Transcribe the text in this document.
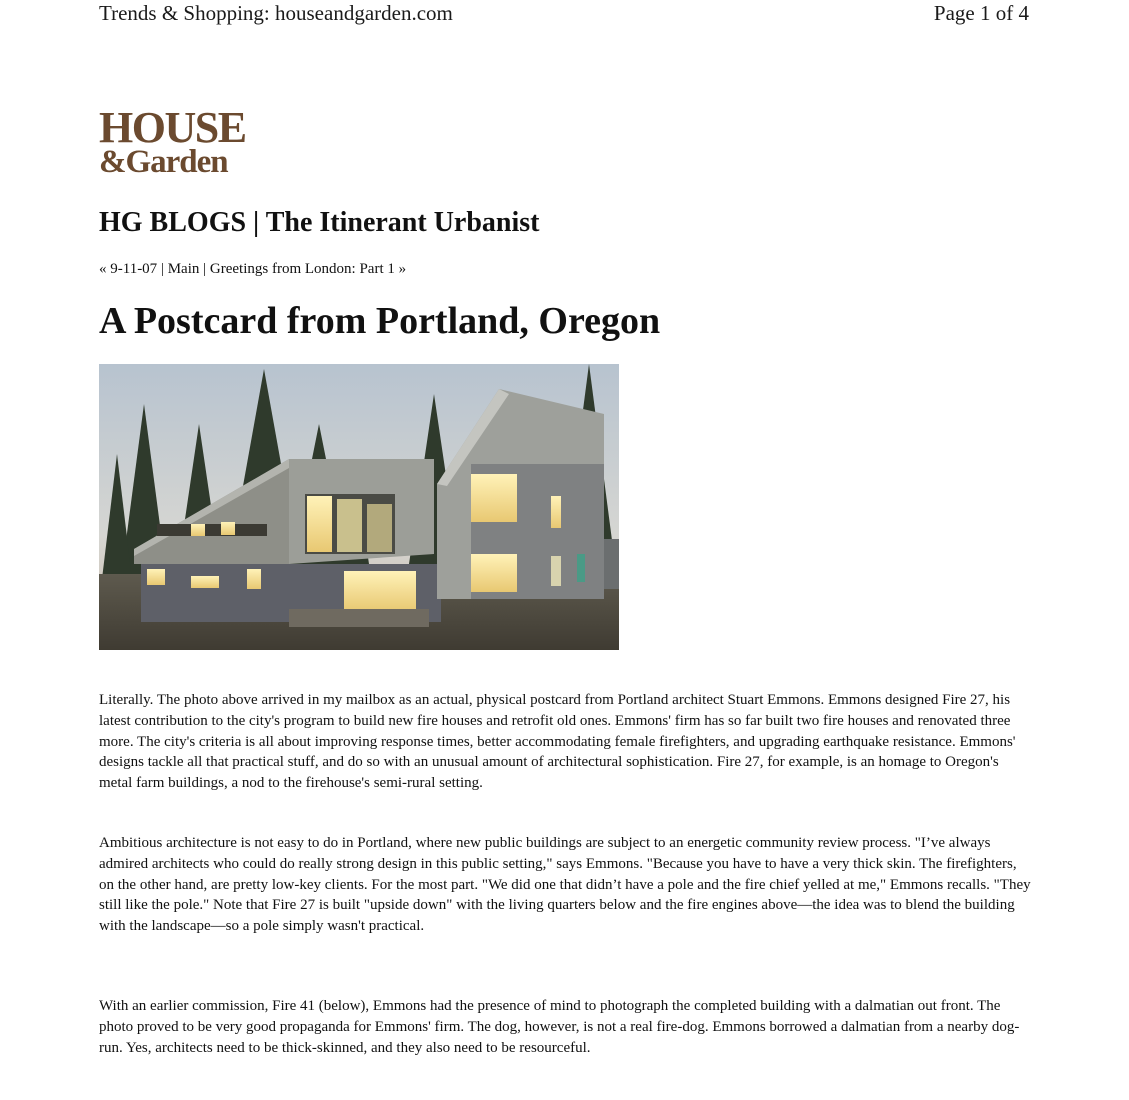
Trends & Shopping: houseandgarden.com	Page 1 of 4
HOUSE
&Garden
HG BLOGS | The Itinerant Urbanist
« 9-11-07 | Main | Greetings from London: Part 1 »
A Postcard from Portland, Oregon

Literally. The photo above arrived in my mailbox as an actual, physical postcard from Portland architect Stuart Emmons. Emmons designed Fire 27, his latest contribution to the city's program to build new fire houses and retrofit old ones. Emmons' firm has so far built two fire houses and renovated three more. The city's criteria is all about improving response times, better accommodating female firefighters, and upgrading earthquake resistance. Emmons' designs tackle all that practical stuff, and do so with an unusual amount of architectural sophistication. Fire 27, for example, is an homage to Oregon's metal farm buildings, a nod to the firehouse's semi-rural setting.

Ambitious architecture is not easy to do in Portland, where new public buildings are subject to an energetic community review process. "I’ve always admired architects who could do really strong design in this public setting," says Emmons. "Because you have to have a very thick skin. The firefighters, on the other hand, are pretty low-key clients. For the most part. "We did one that didn’t have a pole and the fire chief yelled at me," Emmons recalls. "They still like the pole." Note that Fire 27 is built "upside down" with the living quarters below and the fire engines above—the idea was to blend the building with the landscape—so a pole simply wasn't practical.

With an earlier commission, Fire 41 (below), Emmons had the presence of mind to photograph the completed building with a dalmatian out front. The photo proved to be very good propaganda for Emmons' firm. The dog, however, is not a real fire-dog. Emmons borrowed a dalmatian from a nearby dog-run. Yes, architects need to be thick-skinned, and they also need to be resourceful.
